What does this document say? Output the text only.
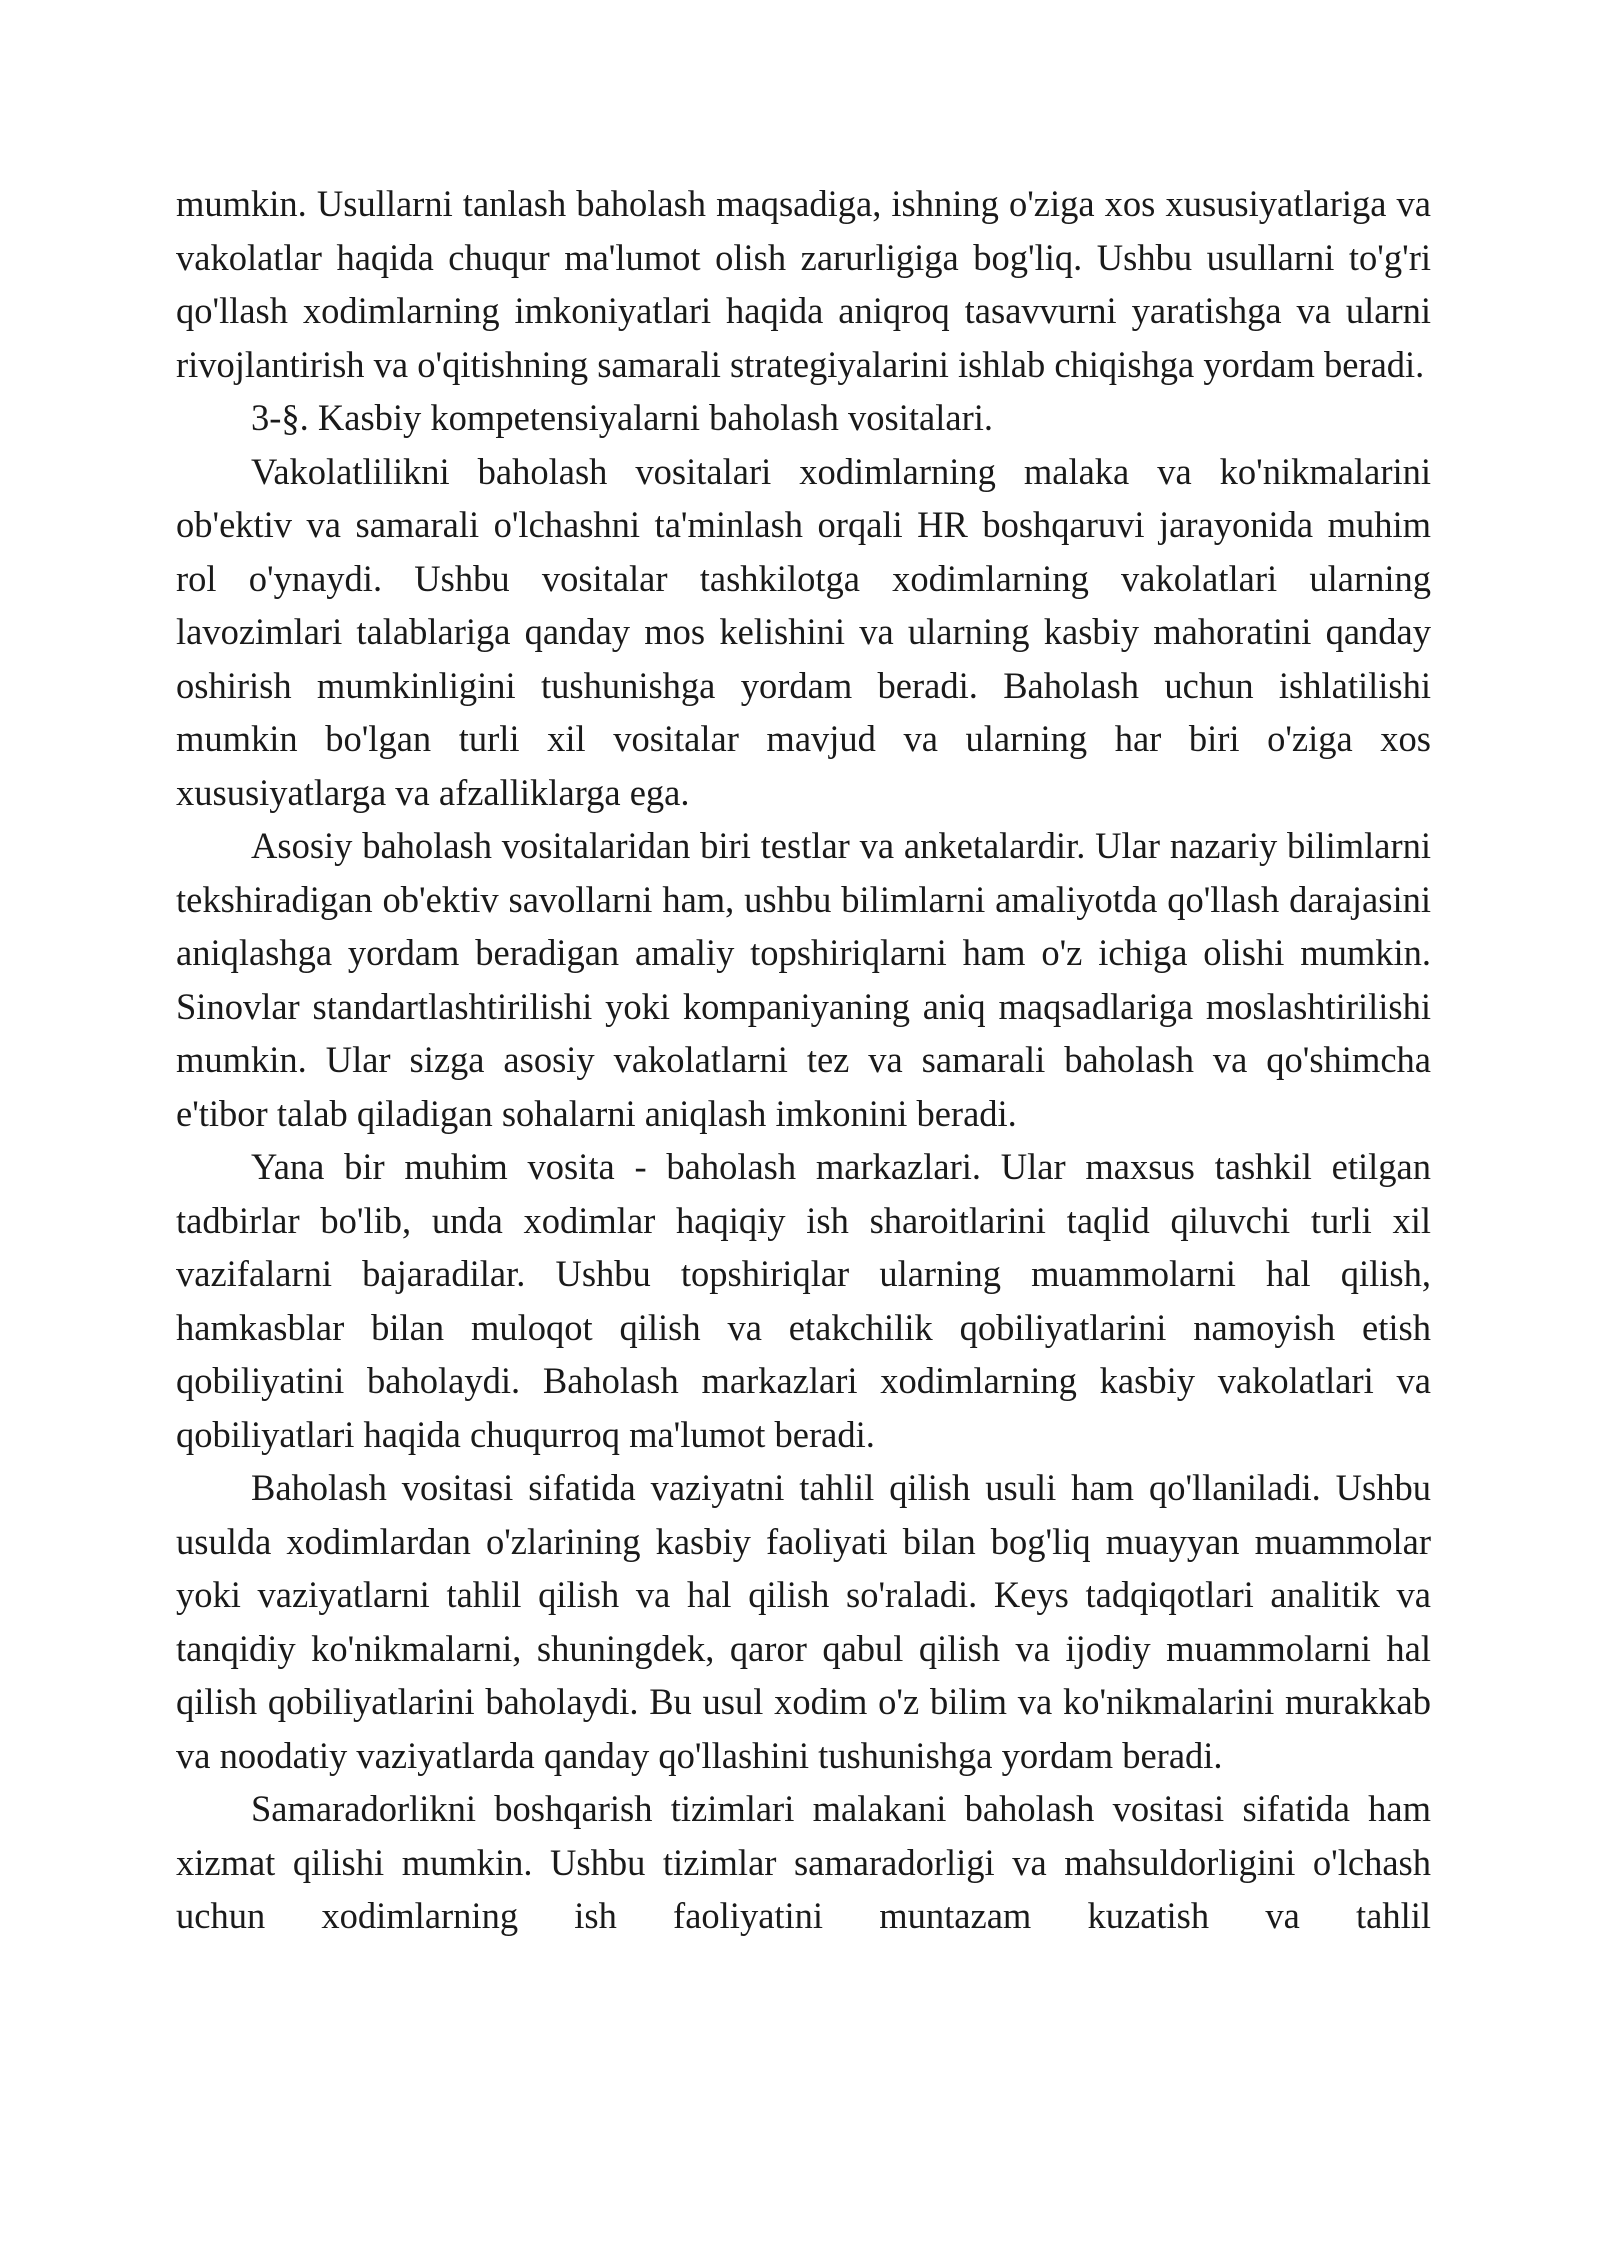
mumkin. Usullarni tanlash baholash maqsadiga, ishning o'ziga xos xususiyatlariga va vakolatlar haqida chuqur ma'lumot olish zarurligiga bog'liq. Ushbu usullarni to'g'ri qo'llash xodimlarning imkoniyatlari haqida aniqroq tasavvurni yaratishga va ularni rivojlantirish va o'qitishning samarali strategiyalarini ishlab chiqishga yordam beradi.

3-§. Kasbiy kompetensiyalarni baholash vositalari.

Vakolatlilikni baholash vositalari xodimlarning malaka va ko'nikmalarini ob'ektiv va samarali o'lchashni ta'minlash orqali HR boshqaruvi jarayonida muhim rol o'ynaydi. Ushbu vositalar tashkilotga xodimlarning vakolatlari ularning lavozimlari talablariga qanday mos kelishini va ularning kasbiy mahoratini qanday oshirish mumkinligini tushunishga yordam beradi. Baholash uchun ishlatilishi mumkin bo'lgan turli xil vositalar mavjud va ularning har biri o'ziga xos xususiyatlarga va afzalliklarga ega.

Asosiy baholash vositalaridan biri testlar va anketalardir. Ular nazariy bilimlarni tekshiradigan ob'ektiv savollarni ham, ushbu bilimlarni amaliyotda qo'llash darajasini aniqlashga yordam beradigan amaliy topshiriqlarni ham o'z ichiga olishi mumkin. Sinovlar standartlashtirilishi yoki kompaniyaning aniq maqsadlariga moslashtirilishi mumkin. Ular sizga asosiy vakolatlarni tez va samarali baholash va qo'shimcha e'tibor talab qiladigan sohalarni aniqlash imkonini beradi.

Yana bir muhim vosita - baholash markazlari. Ular maxsus tashkil etilgan tadbirlar bo'lib, unda xodimlar haqiqiy ish sharoitlarini taqlid qiluvchi turli xil vazifalarni bajaradilar. Ushbu topshiriqlar ularning muammolarni hal qilish, hamkasblar bilan muloqot qilish va etakchilik qobiliyatlarini namoyish etish qobiliyatini baholaydi. Baholash markazlari xodimlarning kasbiy vakolatlari va qobiliyatlari haqida chuqurroq ma'lumot beradi.

Baholash vositasi sifatida vaziyatni tahlil qilish usuli ham qo'llaniladi. Ushbu usulda xodimlardan o'zlarining kasbiy faoliyati bilan bog'liq muayyan muammolar yoki vaziyatlarni tahlil qilish va hal qilish so'raladi. Keys tadqiqotlari analitik va tanqidiy ko'nikmalarni, shuningdek, qaror qabul qilish va ijodiy muammolarni hal qilish qobiliyatlarini baholaydi. Bu usul xodim o'z bilim va ko'nikmalarini murakkab va noodatiy vaziyatlarda qanday qo'llashini tushunishga yordam beradi.

Samaradorlikni boshqarish tizimlari malakani baholash vositasi sifatida ham xizmat qilishi mumkin. Ushbu tizimlar samaradorligi va mahsuldorligini o'lchash uchun xodimlarning ish faoliyatini muntazam kuzatish va tahlil
